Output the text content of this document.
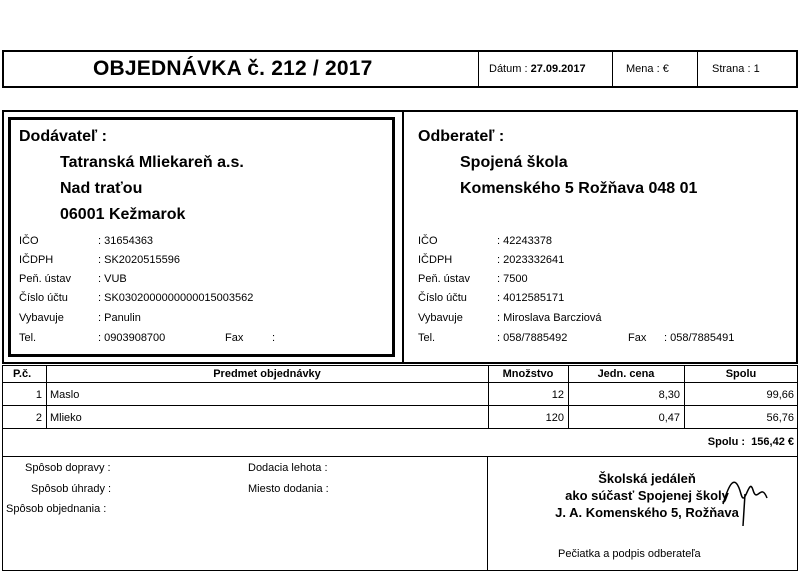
OBJEDNÁVKA č. 212 / 2017	Dátum : 27.09.2017	Mena : €	Strana : 1
Dodávateľ :
Tatranská Mliekareň a.s.
Nad traťou
06001 Kežmarok
IČO	: 31654363
IČDPH	: SK2020515596
Peň. ústav : VUB
Číslo účtu	: SK0302000000000015003562
Vybavuje	: Panulin
Tel.	: 0903908700	Fax	:
Odberateľ :
Spojená škola
Komenského 5 Rožňava 048 01
IČO	: 42243378
IČDPH	: 2023332641
Peň. ústav : 7500
Číslo účtu	: 4012585171
Vybavuje	: Miroslava Barcziová
Tel.	: 058/7885492	Fax : 058/7885491
P.č.	Predmet objednávky	Množstvo	Jedn. cena	Spolu
1 Maslo	12	8,30	99,66
2 Mlieko	120	0,47	56,76
Spolu : 156,42 €
Spôsob dopravy :
Spôsob úhrady :
Spôsob objednania :
Dodacia lehota :
Miesto dodania :
Školská jedáleň
ako súčasť Spojenej školy
J. A. Komenského 5, Rožňava
Pečiatka a podpis odberateľa
